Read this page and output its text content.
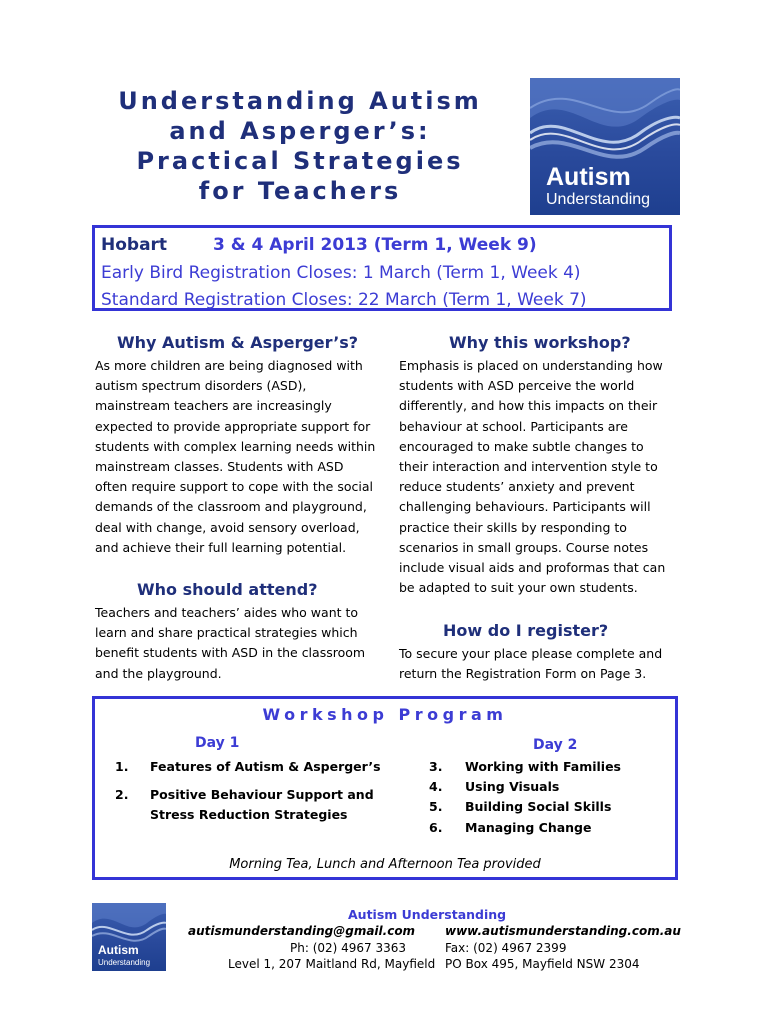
Understanding Autism
and Asperger’s:
Practical Strategies
for Teachers	Autism
Understanding
Hobart	3 & 4 April 2013 (Term 1, Week 9)
Early Bird Registration Closes: 1 March (Term 1, Week 4)
Standard Registration Closes: 22 March (Term 1, Week 7)
Why Autism & Asperger’s?
As more children are being diagnosed with
autism spectrum disorders (ASD),
mainstream teachers are increasingly
expected to provide appropriate support for
students with complex learning needs within
mainstream classes. Students with ASD
often require support to cope with the social
demands of the classroom and playground,
deal with change, avoid sensory overload,
and achieve their full learning potential.
Who should attend?
Teachers and teachers’ aides who want to
learn and share practical strategies which
benefit students with ASD in the classroom
and the playground.
Why this workshop?
Emphasis is placed on understanding how
students with ASD perceive the world
differently, and how this impacts on their
behaviour at school. Participants are
encouraged to make subtle changes to
their interaction and intervention style to
reduce students’ anxiety and prevent
challenging behaviours. Participants will
practice their skills by responding to
scenarios in small groups. Course notes
include visual aids and proformas that can
be adapted to suit your own students.
How do I register?
To secure your place please complete and
return the Registration Form on Page 3.
Workshop Program
Day 1	Day 2
1. Features of Autism & Asperger’s
2. Positive Behaviour Support and
Stress Reduction Strategies
3. Working with Families
4. Using Visuals
5. Building Social Skills
6. Managing Change
Morning Tea, Lunch and Afternoon Tea provided
Autism
Understanding
Autism Understanding
autismunderstanding@gmail.com www.autismunderstanding.com.au
Ph: (02) 4967 3363	Fax: (02) 4967 2399
Level 1, 207 Maitland Rd, Mayfield PO Box 495, Mayfield NSW 2304
